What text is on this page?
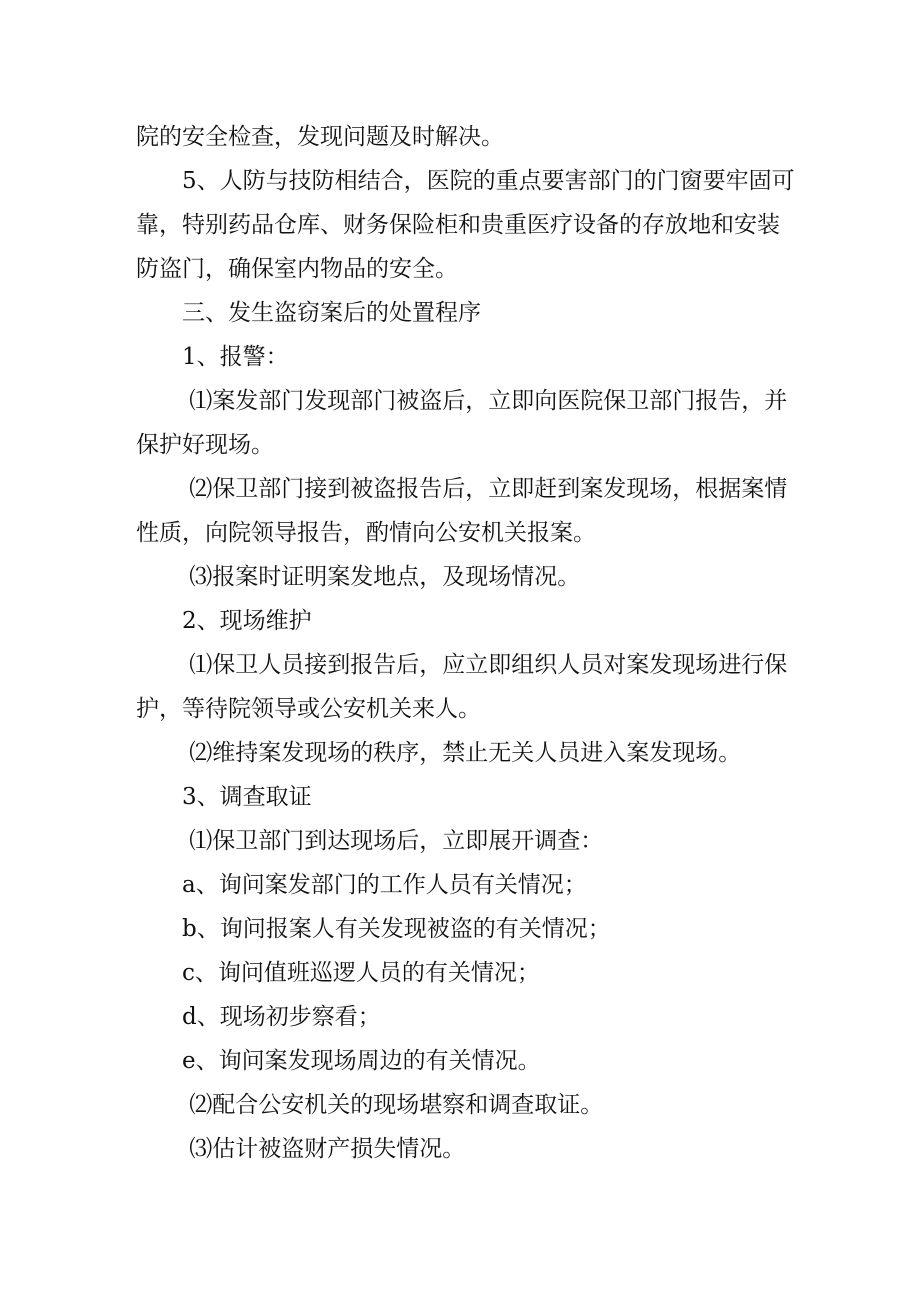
院的安全检查，发现问题及时解决。

　　5、人防与技防相结合，医院的重点要害部门的门窗要牢固可靠，特别药品仓库、财务保险柜和贵重医疗设备的存放地和安装防盗门，确保室内物品的安全。

　　三、发生盗窃案后的处置程序

　　1、报警：

　　 ⑴案发部门发现部门被盗后，立即向医院保卫部门报告，并保护好现场。

　　 ⑵保卫部门接到被盗报告后，立即赶到案发现场，根据案情性质，向院领导报告，酌情向公安机关报案。

　　 ⑶报案时证明案发地点，及现场情况。

　　2、现场维护

　　 ⑴保卫人员接到报告后，应立即组织人员对案发现场进行保护，等待院领导或公安机关来人。

　　 ⑵维持案发现场的秩序，禁止无关人员进入案发现场。

　　3、调查取证

　　 ⑴保卫部门到达现场后，立即展开调查：

　　a、询问案发部门的工作人员有关情况；

　　b、询问报案人有关发现被盗的有关情况；

　　c、询问值班巡逻人员的有关情况；

　　d、现场初步察看；

　　e、询问案发现场周边的有关情况。

　　 ⑵配合公安机关的现场堪察和调查取证。

　　 ⑶估计被盗财产损失情况。
